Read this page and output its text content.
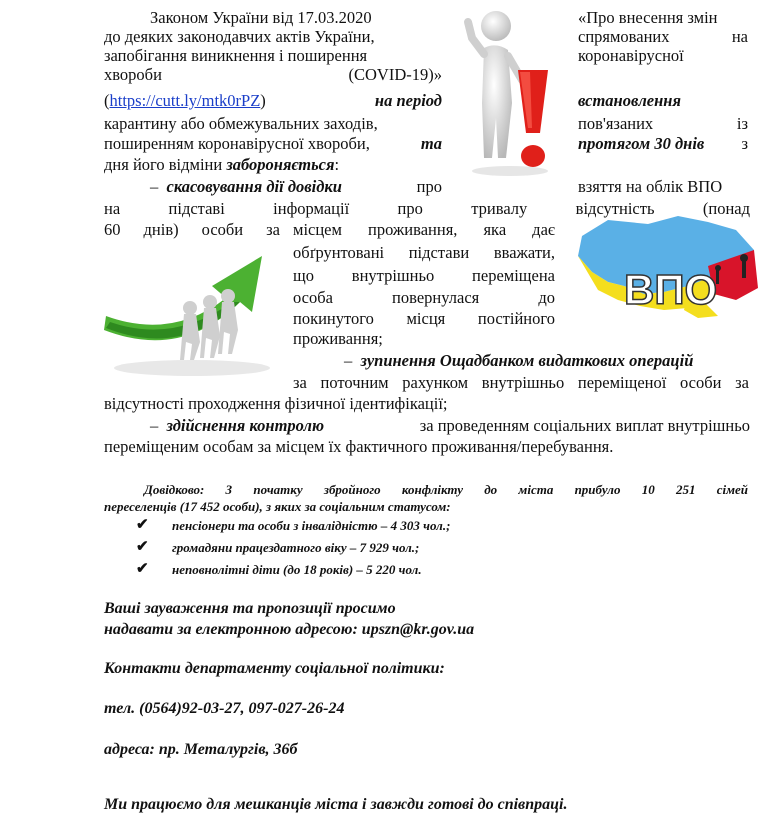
Законом України від 17.03.2020
до деяких законодавчих актів України,
запобігання виникнення і поширення
хвороби (COVID-19)»
(https://cutt.ly/mtk0rPZ)	на період
карантину або обмежувальних заходів,
поширенням коронавірусної хвороби,	та
дня його відміни забороняється:
– скасовування дії довідки	про
«Про внесення змін
спрямованих на
коронавірусної
встановлення
пов'язаних із
протягом 30 днів з
взяття на облік ВПО
ВПО
на підставі інформації про тривалу відсутність (понад
60 днів) особи за місцем проживання, яка дає
обґрунтовані підстави вважати,
що внутрішньо переміщена
особа повернулася до
покинутого місця постійного
проживання;
– зупинення Ощадбанком видаткових операцій
за поточним рахунком внутрішньо переміщеної особи за
відсутності проходження фізичної ідентифікації;
– здійснення контролю	за проведенням соціальних виплат внутрішньо
переміщеним особам за місцем їх фактичного проживання/перебування.
Довідково: З початку збройного конфлікту до міста прибуло 10 251 сімей
переселенців (17 452 особи), з яких за соціальним статусом:
✔ пенсіонери та особи з інвалідністю – 4 303 чол.;
✔ громадяни працездатного віку – 7 929 чол.;
✔ неповнолітні діти (до 18 років) – 5 220 чол.
Ваші зауваження та пропозиції просимо
надавати за електронною адресою: upszn@kr.gov.ua
Контакти департаменту соціальної політики:
тел. (0564)92-03-27, 097-027-26-24
адреса: пр. Металургів, 36б
Ми працюємо для мешканців міста і завжди готові до співпраці.
